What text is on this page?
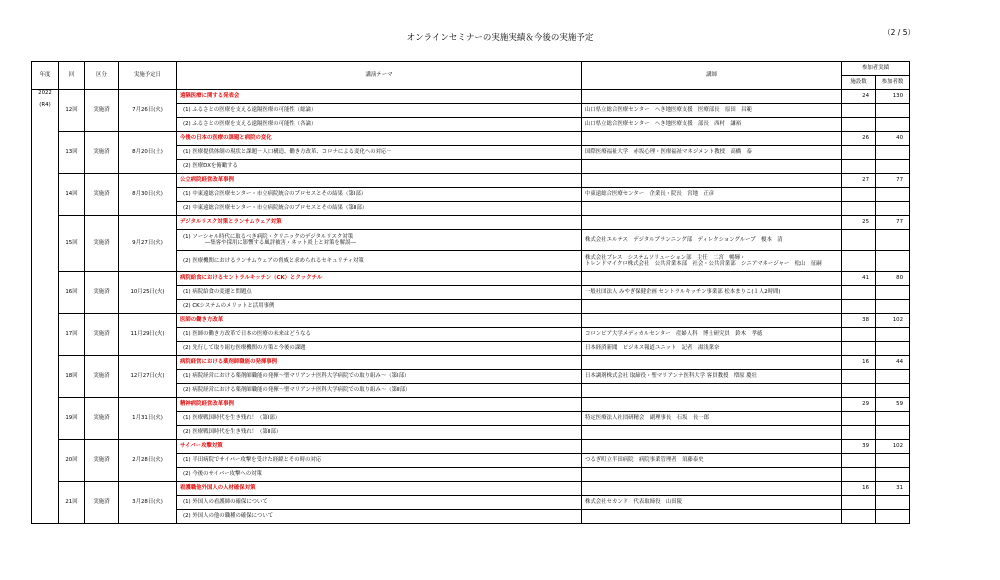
オンラインセミナーの実施実績＆今後の実施予定
（2 / 5）
年度	回	区分	実施予定日	講演テーマ	講師	参加者実績	
						施設数	参加者数

2022
(R4)	12回	実施済	7月26日(火)	遠隔医療に関する発表会		24	130

				(1) ふるさとの医療を支える遠隔医療の可能性（総論）	山口県立総合医療センター　へき地医療支援　医療部長　原田　昌範		

				(2) ふるさとの医療を支える遠隔医療の可能性（各論）	山口県立総合医療センター　へき地医療支援　部長　西村　謙裕		

	13回	実施済	8月20日(土)	今後の日本の医療の課題と病院の変化		26	40

				(1) 医療提供体制の現状と課題－人口構造、働き方改革、コロナによる変化への対応－	国際医療福祉大学　赤坂心理・医療福祉マネジメント教授　高橋　泰		

				(2) 医療DXを俯瞰する			

	14回	実施済	8月30日(火)	公立病院経営改革事例		27	77

				(1) 中東遠総合医療センター・市立病院統合のプロセスとその結果（第Ⅰ部）	中東遠総合医療センター　企業長・院長　宮地　正彦		

				(2) 中東遠総合医療センター・市立病院統合のプロセスとその結果（第Ⅱ部）			

	15回	実施済	9月27日(火)	デジタルリスク対策とランサムウェア対策		25	77

				(1) ソーシャル時代に取るべき病院・クリニックのデジタルリスク対策
―集客や採用に影響する風評被害・ネット炎上と対策を解説―	株式会社エルテス　デジタルプランニング部　ディレクショングループ　榎本　清		

				(2) 医療機関におけるランサムウェアの脅威と求められるセキュリティ対策	株式会社ブレス　システムソリューション部　主任　二宮　暢輝・
トレンドマイクロ株式会社　公共営業本部　社会・公共営業部　シニアマネージャー　松山　征嗣		

	16回	実施済	10月25日(火)	病院給食におけるセントラルキッチン（CK）とクックチル		41	80

				(1) 病院給食の変遷と問題点	一般社団法人 みやぎ保健企画 セントラルキッチン事業部 松本まりこ(１人2時間)		

				(2) CKシステムのメリットと活用事例			

	17回	実施済	11月29日(火)	医師の働き方改革		38	102

				(1) 医師の働き方改革で日本の医療の未来はどうなる	コロンビア大学メディカルセンター　産婦人科　博士研究員　鈴木　孝徳		

				(2) 先行して取り組む医療機関の方策と今後の課題	日本経済新聞　ビジネス報道ユニット　記者　湯浅業奈		

	18回	実施済	12月27日(火)	病院経営における薬剤師職能の発揮事例		16	44

				(1) 病院経営における薬剤師職能の発揮～聖マリアンナ医科大学病院での取り組み～（第Ⅰ部）	日本調剤株式会社 取締役・聖マリアンナ医科大学 客員教授　増原 慶壮		

				(2) 病院経営における薬剤師職能の発揮～聖マリアンナ医科大学病院での取り組み～（第Ⅱ部）			

	19回	実施済	1月31日(火)	精神病院経営改革事例		29	59

				(1) 医療戦国時代を生き残れ！（第Ⅰ部）	特定医療法人社団研精会　副理事長　石坂　長一郎		

				(2) 医療戦国時代を生き残れ！（第Ⅱ部）			

	20回	実施済	2月28日(火)	サイバー攻撃対策		39	102

				(1) 半田病院でサイバー攻撃を受けた経緯とその時の対応	つるぎ町立半田病院　病院事業管理者　須藤泰史		

				(2) 今後のサイバー攻撃への対策			

	21回	実施済	3月28日(火)	看護職他外国人の人材確保対策		16	31

				(1) 外国人の看護師の確保について	株式会社セカンド　代表取締役　山田陵		

				(2) 外国人の他の職種の確保について			
